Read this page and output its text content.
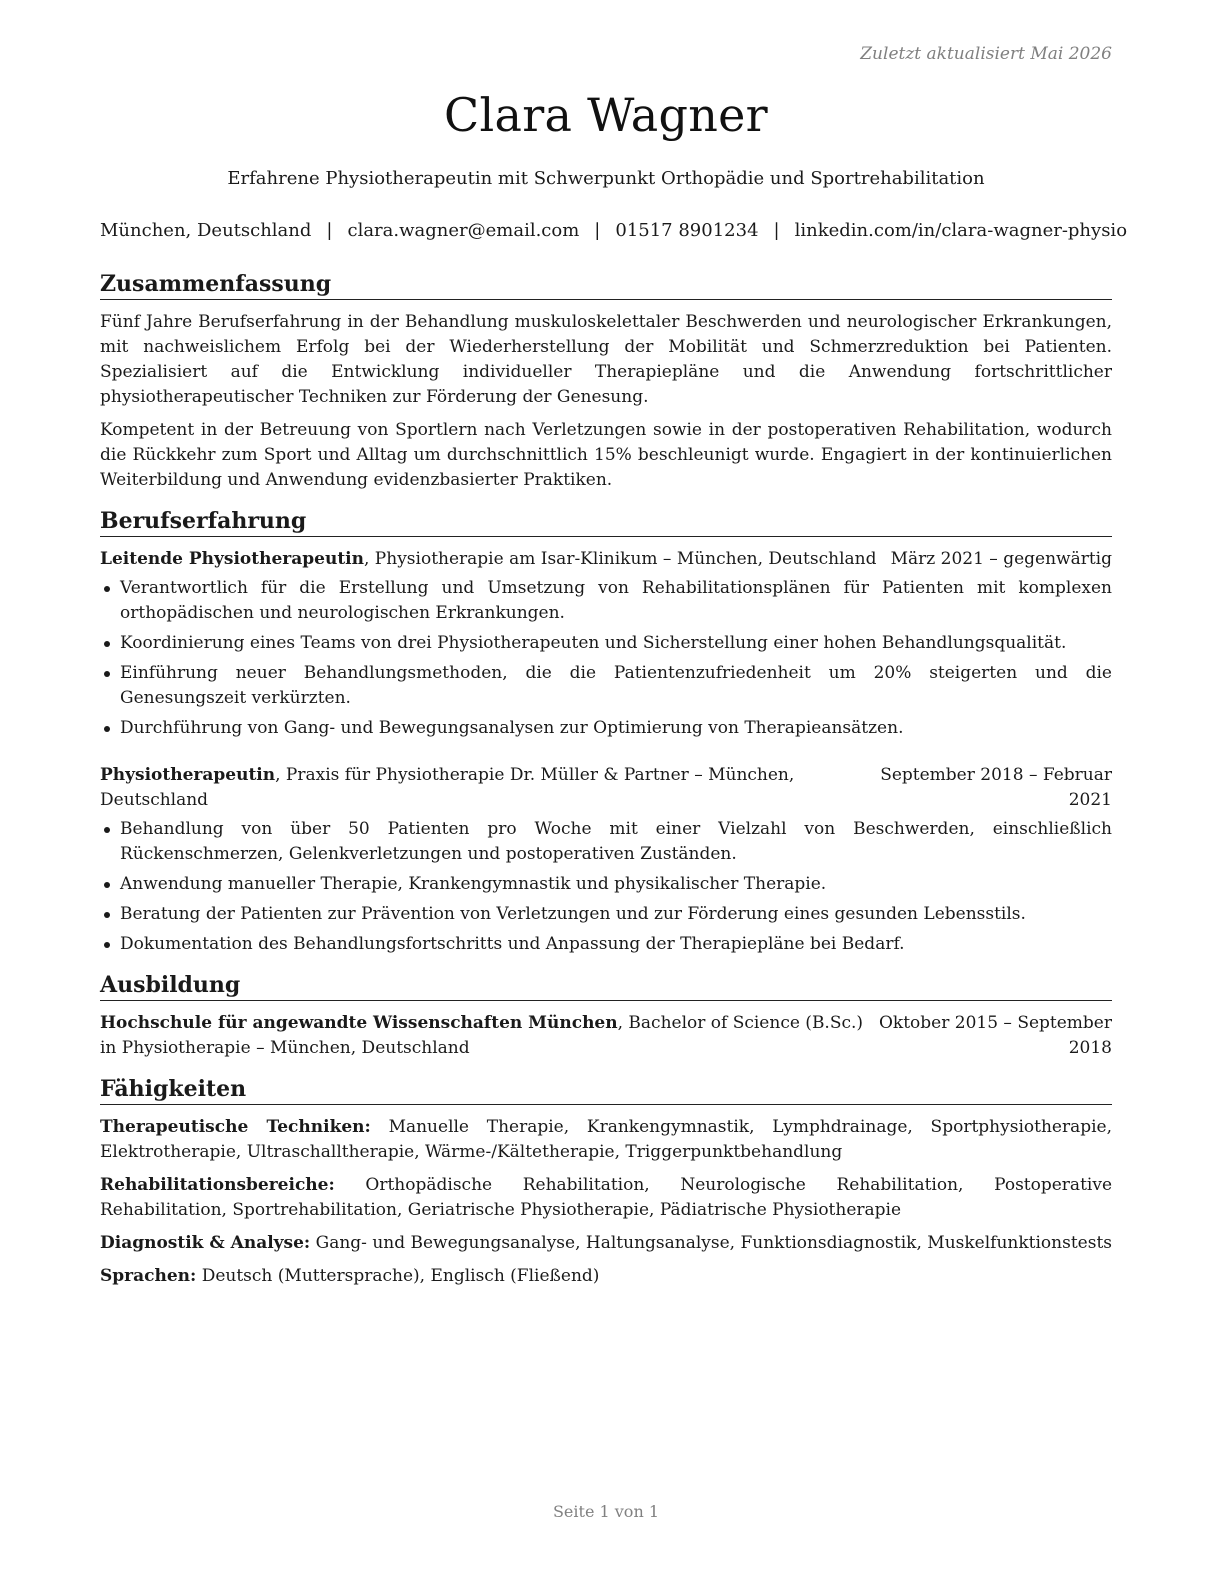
Zuletzt aktualisiert Mai 2026
Clara Wagner
Erfahrene Physiotherapeutin mit Schwerpunkt Orthopädie und Sportrehabilitation
München, Deutschland | clara.wagner@email.com | 01517 8901234 | linkedin.com/in/clara-wagner-physio
Zusammenfassung

Fünf Jahre Berufserfahrung in der Behandlung muskuloskelettaler Beschwerden und neurologischer Erkrankungen, mit nachweislichem Erfolg bei der Wiederherstellung der Mobilität und Schmerzreduktion bei Patienten. Spezialisiert auf die Entwicklung individueller Therapiepläne und die Anwendung fortschrittlicher physiotherapeutischer Techniken zur Förderung der Genesung.

Kompetent in der Betreuung von Sportlern nach Verletzungen sowie in der postoperativen Rehabilitation, wodurch die Rückkehr zum Sport und Alltag um durchschnittlich 15% beschleunigt wurde. Engagiert in der kontinuierlichen Weiterbildung und Anwendung evidenzbasierter Praktiken.

Berufserfahrung
Leitende Physiotherapeutin, Physiotherapie am Isar-Klinikum – München, Deutschland März 2021 – gegenwärtig
Verantwortlich für die Erstellung und Umsetzung von Rehabilitationsplänen für Patienten mit komplexen orthopädischen und neurologischen Erkrankungen.
Koordinierung eines Teams von drei Physiotherapeuten und Sicherstellung einer hohen Behandlungsqualität.
Einführung neuer Behandlungsmethoden, die die Patientenzufriedenheit um 20% steigerten und die Genesungszeit verkürzten.
Durchführung von Gang- und Bewegungsanalysen zur Optimierung von Therapieansätzen.
Physiotherapeutin, Praxis für Physiotherapie Dr. Müller & Partner – München, Deutschland
September 2018 – Februar 2021
Behandlung von über 50 Patienten pro Woche mit einer Vielzahl von Beschwerden, einschließlich Rückenschmerzen, Gelenkverletzungen und postoperativen Zuständen.
Anwendung manueller Therapie, Krankengymnastik und physikalischer Therapie.
Beratung der Patienten zur Prävention von Verletzungen und zur Förderung eines gesunden Lebensstils.
Dokumentation des Behandlungsfortschritts und Anpassung der Therapiepläne bei Bedarf.
Ausbildung
Hochschule für angewandte Wissenschaften München, Bachelor of Science (B.Sc.) in Physiotherapie – München, Deutschland
Oktober 2015 – September 2018
Fähigkeiten

Therapeutische Techniken: Manuelle Therapie, Krankengymnastik, Lymphdrainage, Sportphysiotherapie, Elektrotherapie, Ultraschalltherapie, Wärme-/Kältetherapie, Triggerpunktbehandlung

Rehabilitationsbereiche: Orthopädische Rehabilitation, Neurologische Rehabilitation, Postoperative Rehabilitation, Sportrehabilitation, Geriatrische Physiotherapie, Pädiatrische Physiotherapie

Diagnostik & Analyse: Gang- und Bewegungsanalyse, Haltungsanalyse, Funktionsdiagnostik, Muskelfunktionstests

Sprachen: Deutsch (Muttersprache), Englisch (Fließend)

Seite 1 von 1
